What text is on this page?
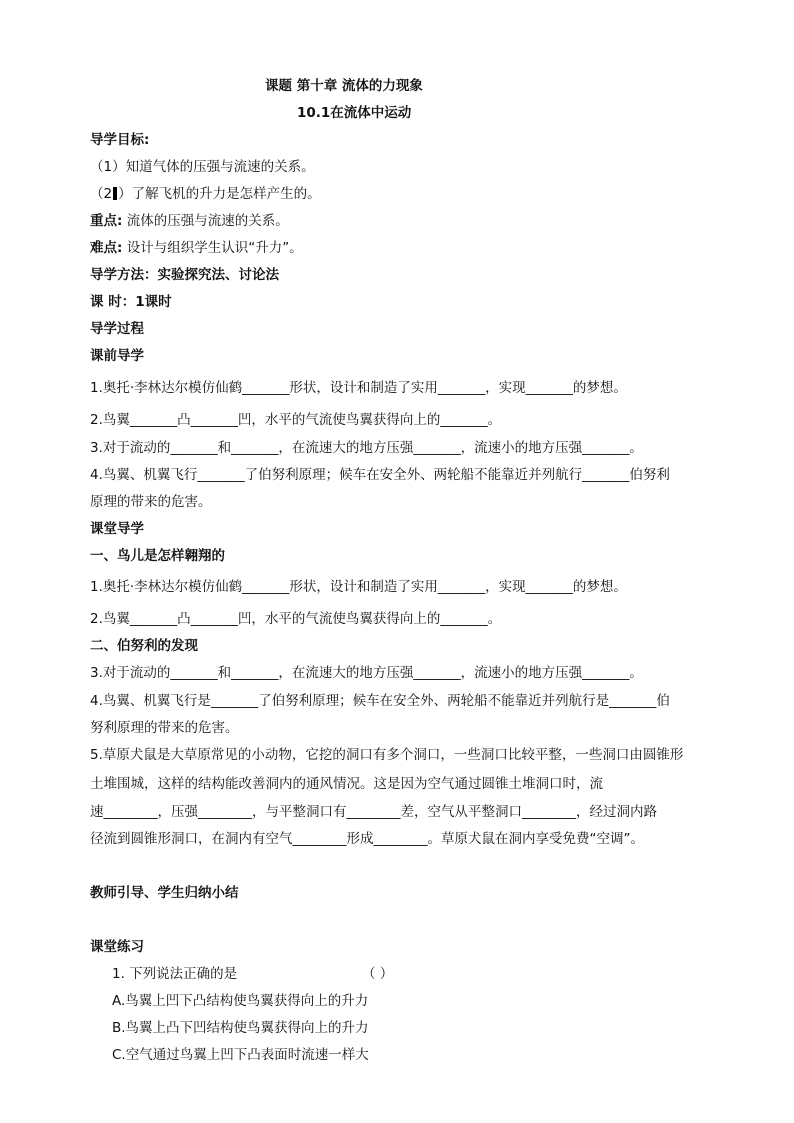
课题 第十章 流体的力现象
10.1在流体中运动
导学目标:
（1）知道气体的压强与流速的关系。
（2 ）了解飞机的升力是怎样产生的。
重点: 流体的压强与流速的关系。
难点: 设计与组织学生认识“升力”。
导学方法：实验探究法、讨论法
课 时：1课时
导学过程
课前导学
1.奥托·李林达尔模仿仙鹤_______形状，设计和制造了实用_______，实现_______的梦想。
2.鸟翼_______凸_______凹，水平的气流使鸟翼获得向上的_______。
3.对于流动的_______和_______，在流速大的地方压强_______，流速小的地方压强_______。
4.鸟翼、机翼飞行_______了伯努利原理；候车在安全外、两轮船不能靠近并列航行_______伯努利
原理的带来的危害。
课堂导学
一、鸟儿是怎样翱翔的
1.奥托·李林达尔模仿仙鹤_______形状，设计和制造了实用_______，实现_______的梦想。
2.鸟翼_______凸_______凹，水平的气流使鸟翼获得向上的_______。
二、伯努利的发现
3.对于流动的_______和_______，在流速大的地方压强_______，流速小的地方压强_______。
4.鸟翼、机翼飞行是_______了伯努利原理；候车在安全外、两轮船不能靠近并列航行是_______伯
努利原理的带来的危害。
5.草原犬鼠是大草原常见的小动物，它挖的洞口有多个洞口，一些洞口比较平整，一些洞口由圆锥形
土堆围城，这样的结构能改善洞内的通风情况。这是因为空气通过圆锥土堆洞口时，流
速________，压强________，与平整洞口有________差，空气从平整洞口________，经过洞内路
径流到圆锥形洞口，在洞内有空气________形成________。草原犬鼠在洞内享受免费“空调”。
教师引导、学生归纳小结
课堂练习
1. 下列说法正确的是	（ ）
A.鸟翼上凹下凸结构使鸟翼获得向上的升力
B.鸟翼上凸下凹结构使鸟翼获得向上的升力
C.空气通过鸟翼上凹下凸表面时流速一样大
